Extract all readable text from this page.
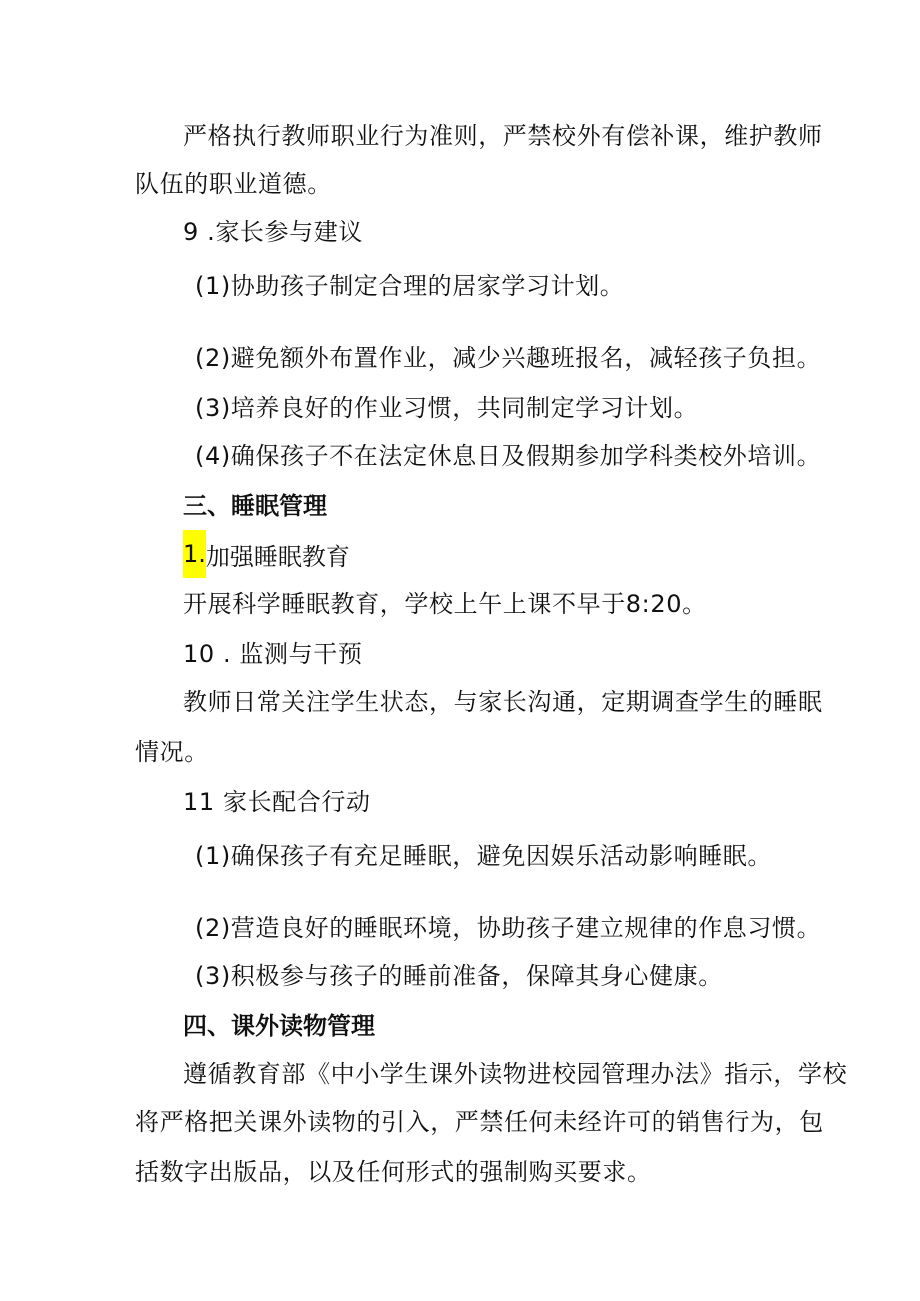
严格执行教师职业行为准则，严禁校外有偿补课，维护教师
队伍的职业道德。
9 .家长参与建议
(1)协助孩子制定合理的居家学习计划。
(2)避免额外布置作业，减少兴趣班报名，减轻孩子负担。
(3)培养良好的作业习惯，共同制定学习计划。
(4)确保孩子不在法定休息日及假期参加学科类校外培训。
三、睡眠管理
1.加强睡眠教育
开展科学睡眠教育，学校上午上课不早于8:20。
10 . 监测与干预
教师日常关注学生状态，与家长沟通，定期调查学生的睡眠
情况。
11 家长配合行动
(1)确保孩子有充足睡眠，避免因娱乐活动影响睡眠。
(2)营造良好的睡眠环境，协助孩子建立规律的作息习惯。
(3)积极参与孩子的睡前准备，保障其身心健康。
四、课外读物管理
遵循教育部《中小学生课外读物进校园管理办法》指示，学校
将严格把关课外读物的引入，严禁任何未经许可的销售行为，包
括数字出版品，以及任何形式的强制购买要求。
